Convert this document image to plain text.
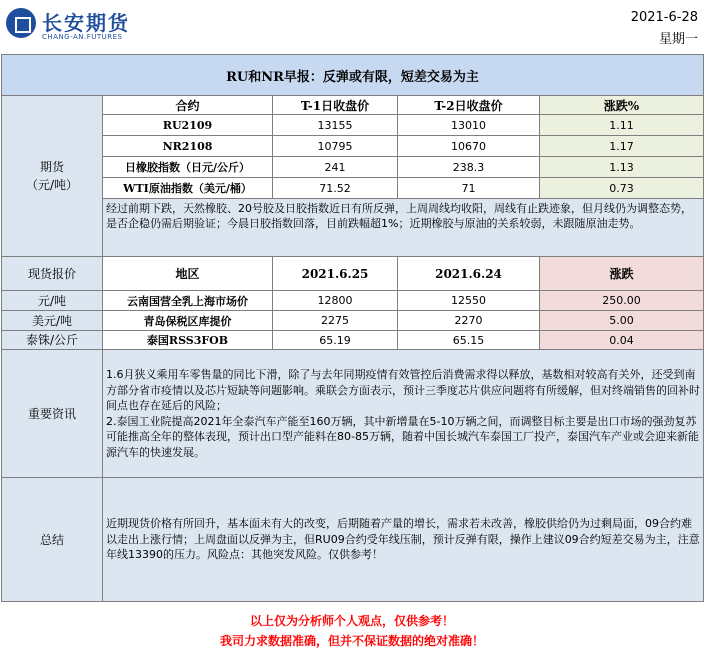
长安期货
CHANG-AN.FUTURES
2021-6-28
星期一
RU和NR早报：反弹或有限，短差交易为主				

期货
（元/吨）	合约	T-1日收盘价	T-2日收盘价	涨跌%
	RU2109	13155	13010	1.11
	NR2108	10795	10670	1.17
	日橡胶指数（日元/公斤）	241	238.3	1.13
	WTI原油指数（美元/桶）	71.52	71	0.73
	经过前期下跌，天然橡胶、20号胶及日胶指数近日有所反弹，上周周线均收阳，周线有止跌迹象，但月线仍为调整态势，是否企稳仍需后期验证；今晨日胶指数回落，目前跌幅超1%；近期橡胶与原油的关系较弱，未跟随原油走势。			
现货报价	地区	2021.6.25	2021.6.24	涨跌
元/吨	云南国营全乳上海市场价	12800	12550	250.00
美元/吨	青岛保税区库提价	2275	2270	5.00
泰铢/公斤	泰国RSS3FOB	65.19	65.15	0.04
重要资讯	1.6月狭义乘用车零售量的同比下滑，除了与去年同期疫情有效管控后消费需求得以释放，基数相对较高有关外，还受到南方部分省市疫情以及芯片短缺等问题影响。乘联会方面表示，预计三季度芯片供应问题将有所缓解，但对终端销售的回补时间点也存在延后的风险；
2.泰国工业院提高2021年全泰汽车产能至160万辆，其中新增量在5-10万辆之间，而调整目标主要是出口市场的强劲复苏可能推高全年的整体表现，预计出口型产能料在80-85万辆，随着中国长城汽车泰国工厂投产，泰国汽车产业或会迎来新能源汽车的快速发展。			

总结	近期现货价格有所回升，基本面未有大的改变，后期随着产量的增长，需求若未改善，橡胶供给仍为过剩局面，09合约难以走出上涨行情；上周盘面以反弹为主，但RU09合约受年线压制，预计反弹有限，操作上建议09合约短差交易为主，注意年线13390的压力。风险点：其他突发风险。仅供参考！			
以上仅为分析师个人观点，仅供参考！
我司力求数据准确，但并不保证数据的绝对准确！
